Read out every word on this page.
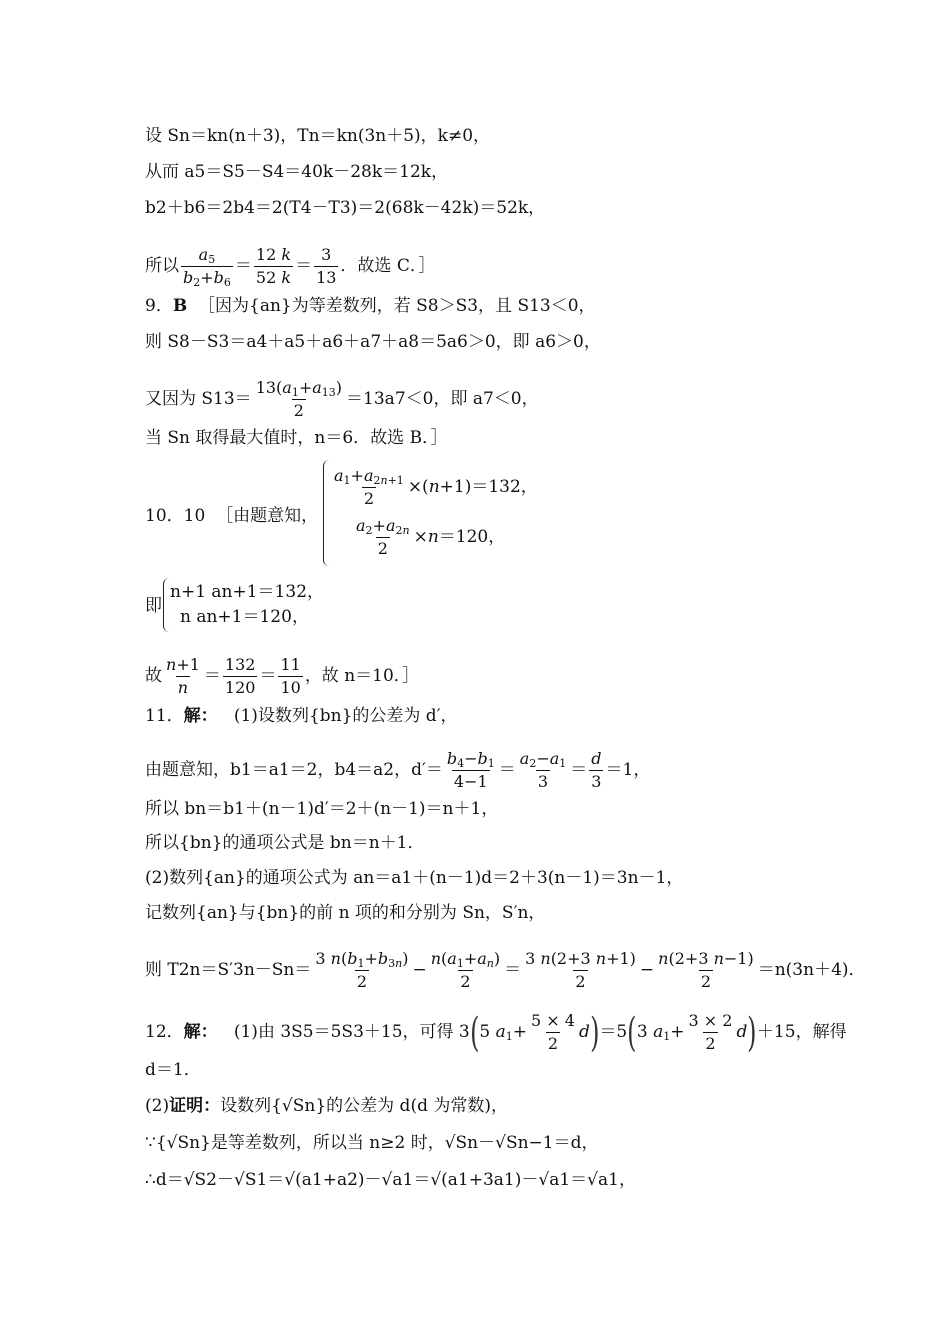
设 Sn＝kn(n＋3)，Tn＝kn(3n＋5)，k≠0，
从而 a5＝S5－S4＝40k－28k＝12k，
b2＋b6＝2b4＝2(T4－T3)＝2(68k－42k)＝52k，
所以 $\frac{a_5}{b_2+b_6} = \frac{12 k}{52 k} = \frac{3}{13}$ ．故选 C．］
9．B ［因为{an}为等差数列，若 S8＞S3，且 S13＜0，
则 S8－S3＝a4＋a5＋a6＋a7＋a8＝5a6＞0，即 a6＞0，
又因为 $S13= \frac{13(a_1+a_{13})}{2} =13a7<0$，即 a7＜0，
当 Sn 取得最大值时，n＝6．故选 B．］
10．10 ［由题意知，
$\frac{a_1+a_{2n+1}}{2} \times(n+1)=132$，
$\frac{a_2+a_{2n}}{2} \times n=120$，
即
n+1 an+1＝132，
n an+1＝120，
故 $\frac{n+1}{n} = \frac{132}{120} = \frac{11}{10}$ ，故 n＝10．］
11．解： (1)设数列{bn}的公差为 d′，
由题意知，b1＝a1＝2，b4＝a2，$d'= \frac{b_4-b_1}{4-1} = \frac{a_2-a_1}{3} = \frac{d}{3} =1$，
所以 bn＝b1＋(n－1)d′＝2＋(n－1)＝n＋1，
所以{bn}的通项公式是 bn＝n＋1．
(2)数列{an}的通项公式为 an＝a1＋(n－1)d＝2＋3(n－1)＝3n－1，
记数列{an}与{bn}的前 n 项的和分别为 Sn，S′n，
则 $T2n=S'3n-Sn= \frac{3 n(b_1+b_{3n})}{2} - \frac{n(a_1+a_n)}{2} = \frac{3 n(2+3 n+1)}{2} - \frac{n(2+3 n-1)}{2} =n(3n+4)$．
12．解： (1)由 3S5＝5S3＋15，可得 3(5 $a_1+ \frac{5 \times 4}{2} d)=5(3$ $a_1+ \frac{3 \times 2}{2} d)+15$，解得
d＝1．
(2)证明：设数列{√Sn}的公差为 d(d 为常数)，
∵{√Sn}是等差数列，所以当 n≥2 时，√Sn－√Sn−1＝d，
∴d＝√S2－√S1＝√(a1+a2)－√a1＝√(a1+3a1)－√a1＝√a1，
